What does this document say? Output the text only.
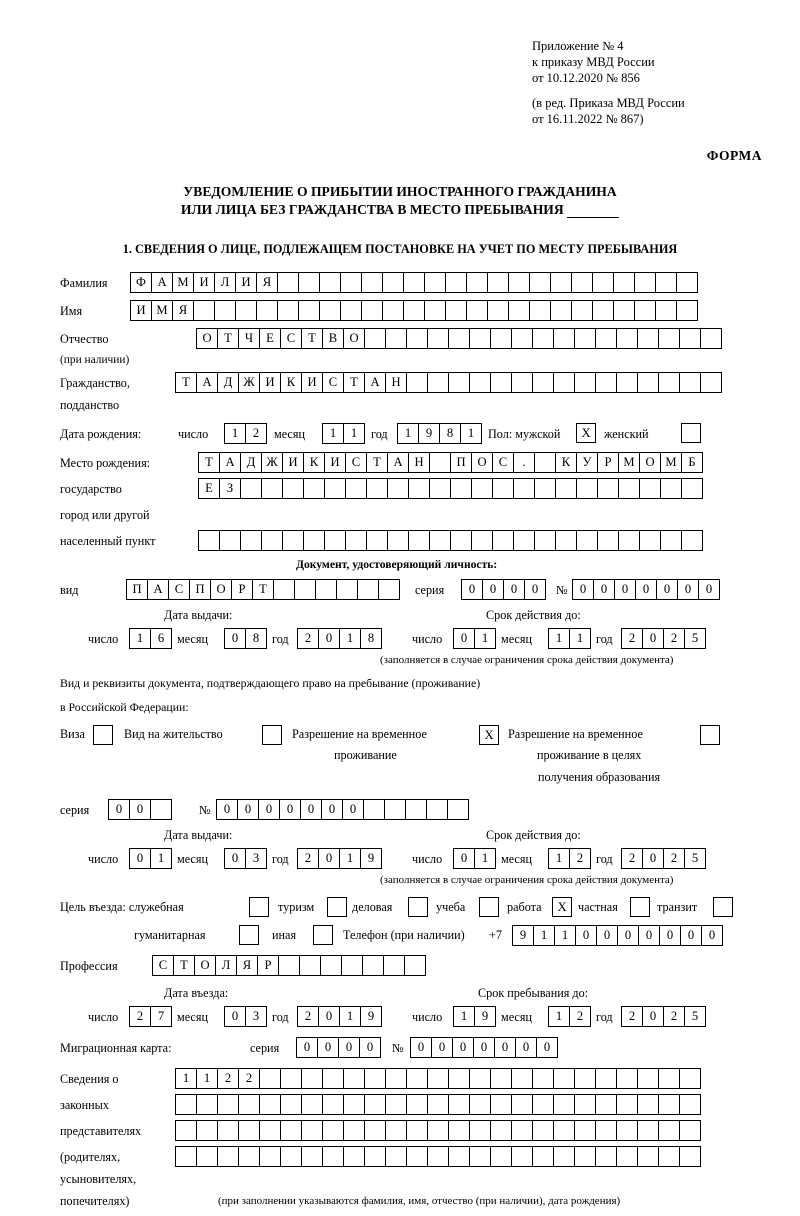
Приложение № 4
к приказу МВД России
от 10.12.2020 № 856
(в ред. Приказа МВД России
от 16.11.2022 № 867)
ФОРМА
УВЕДОМЛЕНИЕ О ПРИБЫТИИ ИНОСТРАННОГО ГРАЖДАНИНА
ИЛИ ЛИЦА БЕЗ ГРАЖДАНСТВА В МЕСТО ПРЕБЫВАНИЯ
1. СВЕДЕНИЯ О ЛИЦЕ, ПОДЛЕЖАЩЕМ ПОСТАНОВКЕ НА УЧЕТ ПО МЕСТУ ПРЕБЫВАНИЯ
Фамилия	Ф А М И Л И Я
Имя	И М Я
Отчество	О Т	Ч	Е	С	Т	В О
(при наличии)
Гражданство,	Т А Д Ж И К И С	Т А Н
подданство
Дата рождения:	число	1	2	месяц	1	1	год	1	9	8	1	Пол: мужской	X	женский
Место рождения:	Т А Д Ж И К И С	Т А Н	П О С	.	К У	Р М О М Б
государство	Е	З
город или другой
населенный пункт
Документ, удостоверяющий личность:
вид	П А С П О	Р	Т	серия	0	0	0	0	№ 0	0	0	0	0	0	0
Дата выдачи:	Срок действия до:
число	1	6	месяц	0	8	год	2	0	1	8	число	0	1	месяц	1	1	год	2	0	2	5
(заполняется в случае ограничения срока действия документа)
Вид и реквизиты документа, подтверждающего право на пребывание (проживание)
в Российской Федерации:
Виза	Вид на жительство	Разрешение на временное	X	Разрешение на временное
проживание	проживание в целях
получения образования
серия	0	0	№	0	0	0	0	0	0	0
Дата выдачи:	Срок действия до:
число	0	1	месяц	0	3	год	2	0	1	9	число	0	1	месяц	1	2	год	2	0	2	5
(заполняется в случае ограничения срока действия документа)
Цель въезда: служебная	туризм	деловая	учеба	работа	X частная	транзит
гуманитарная	иная	Телефон (при наличии) +7	9	1	1	0	0	0	0	0	0	0
Профессия	С	Т О Л Я	Р
Дата въезда:	Срок пребывания до:
число	2	7	месяц	0	3	год	2	0	1	9	число	1	9	месяц	1	2	год	2	0	2	5
Миграционная карта:	серия	0	0	0	0	№	0	0	0	0	0	0	0
Сведения о	1	1	2	2
законных
представителях
(родителях,
усыновителях,
попечителях)	(при заполнении указываются фамилия, имя, отчество (при наличии), дата рождения)
